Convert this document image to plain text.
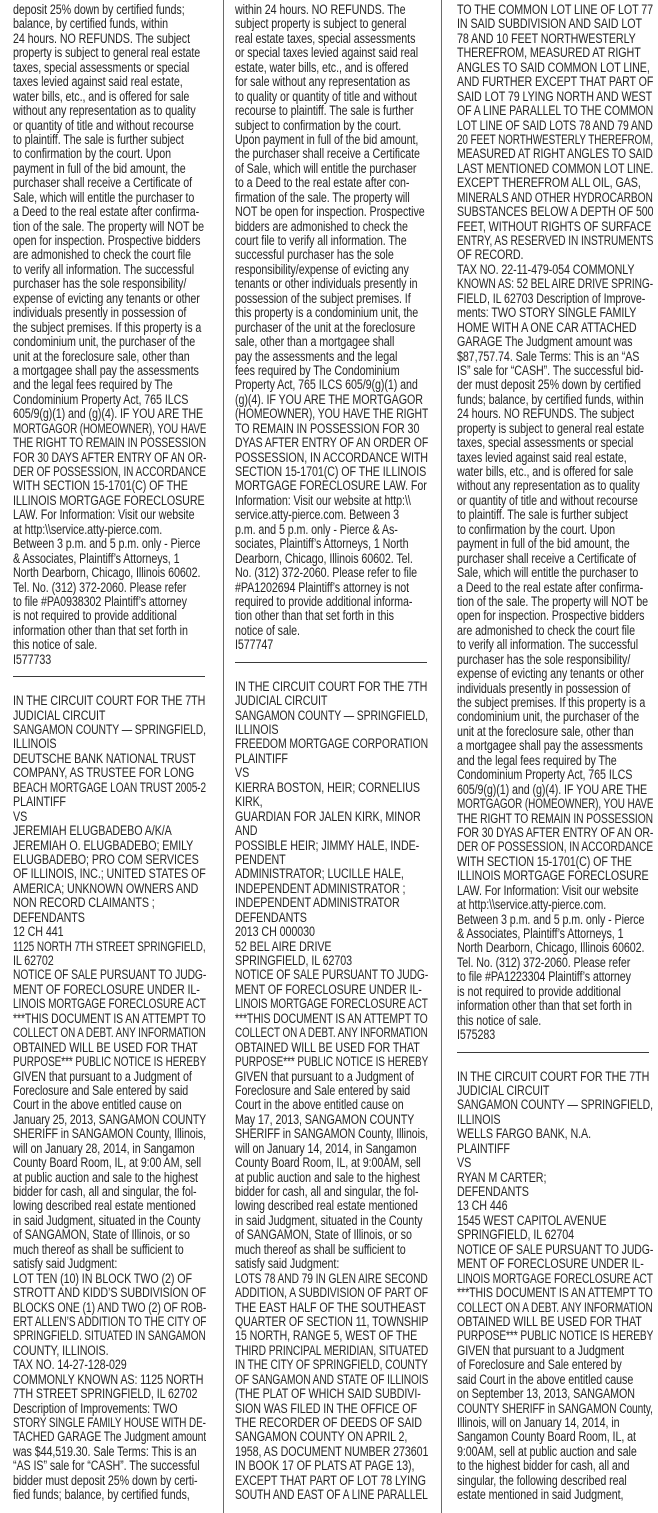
deposit 25% down by certified funds;
balance, by certified funds, within
24 hours. NO REFUNDS. The subject
property is subject to general real estate
taxes, special assessments or special
taxes levied against said real estate,
water bills, etc., and is offered for sale
without any representation as to quality
or quantity of title and without recourse
to plaintiff. The sale is further subject
to confirmation by the court. Upon
payment in full of the bid amount, the
purchaser shall receive a Certificate of
Sale, which will entitle the purchaser to
a Deed to the real estate after confirma-
tion of the sale. The property will NOT be
open for inspection. Prospective bidders
are admonished to check the court file
to verify all information. The successful
purchaser has the sole responsibility/
expense of evicting any tenants or other
individuals presently in possession of
the subject premises. If this property is a
condominium unit, the purchaser of the
unit at the foreclosure sale, other than
a mortgagee shall pay the assessments
and the legal fees required by The
Condominium Property Act, 765 ILCS
605/9(g)(1) and (g)(4). IF YOU ARE THE
MORTGAGOR (HOMEOWNER), YOU HAVE
THE RIGHT TO REMAIN IN POSSESSION
FOR 30 DAYS AFTER ENTRY OF AN OR-
DER OF POSSESSION, IN ACCORDANCE
WITH SECTION 15-1701(C) OF THE
ILLINOIS MORTGAGE FORECLOSURE
LAW. For Information: Visit our website
at http:\\service.atty-pierce.com.
Between 3 p.m. and 5 p.m. only - Pierce
& Associates, Plaintiff’s Attorneys, 1
North Dearborn, Chicago, Illinois 60602.
Tel. No. (312) 372-2060. Please refer
to file #PA0938302 Plaintiff’s attorney
is not required to provide additional
information other than that set forth in
this notice of sale.
I577733
IN THE CIRCUIT COURT FOR THE 7TH
JUDICIAL CIRCUIT
SANGAMON COUNTY — SPRINGFIELD,
ILLINOIS
DEUTSCHE BANK NATIONAL TRUST
COMPANY, AS TRUSTEE FOR LONG
BEACH MORTGAGE LOAN TRUST 2005-2
PLAINTIFF
VS
JEREMIAH ELUGBADEBO A/K/A
JEREMIAH O. ELUGBADEBO; EMILY
ELUGBADEBO; PRO COM SERVICES
OF ILLINOIS, INC.; UNITED STATES OF
AMERICA; UNKNOWN OWNERS AND
NON RECORD CLAIMANTS ;
DEFENDANTS
12 CH 441
1125 NORTH 7TH STREET SPRINGFIELD,
IL 62702
NOTICE OF SALE PURSUANT TO JUDG-
MENT OF FORECLOSURE UNDER IL-
LINOIS MORTGAGE FORECLOSURE ACT
***THIS DOCUMENT IS AN ATTEMPT TO
COLLECT ON A DEBT. ANY INFORMATION
OBTAINED WILL BE USED FOR THAT
PURPOSE*** PUBLIC NOTICE IS HEREBY
GIVEN that pursuant to a Judgment of
Foreclosure and Sale entered by said
Court in the above entitled cause on
January 25, 2013, SANGAMON COUNTY
SHERIFF in SANGAMON County, Illinois,
will on January 28, 2014, in Sangamon
County Board Room, IL, at 9:00 AM, sell
at public auction and sale to the highest
bidder for cash, all and singular, the fol-
lowing described real estate mentioned
in said Judgment, situated in the County
of SANGAMON, State of Illinois, or so
much thereof as shall be sufficient to
satisfy said Judgment:
LOT TEN (10) IN BLOCK TWO (2) OF
STROTT AND KIDD’S SUBDIVISION OF
BLOCKS ONE (1) AND TWO (2) OF ROB-
ERT ALLEN’S ADDITION TO THE CITY OF
SPRINGFIELD. SITUATED IN SANGAMON
COUNTY, ILLINOIS.
TAX NO. 14-27-128-029
COMMONLY KNOWN AS: 1125 NORTH
7TH STREET SPRINGFIELD, IL 62702
Description of Improvements: TWO
STORY SINGLE FAMILY HOUSE WITH DE-
TACHED GARAGE The Judgment amount
was $44,519.30. Sale Terms: This is an
“AS IS” sale for “CASH”. The successful
bidder must deposit 25% down by certi-
fied funds; balance, by certified funds,
within 24 hours. NO REFUNDS. The
subject property is subject to general
real estate taxes, special assessments
or special taxes levied against said real
estate, water bills, etc., and is offered
for sale without any representation as
to quality or quantity of title and without
recourse to plaintiff. The sale is further
subject to confirmation by the court.
Upon payment in full of the bid amount,
the purchaser shall receive a Certificate
of Sale, which will entitle the purchaser
to a Deed to the real estate after con-
firmation of the sale. The property will
NOT be open for inspection. Prospective
bidders are admonished to check the
court file to verify all information. The
successful purchaser has the sole
responsibility/expense of evicting any
tenants or other individuals presently in
possession of the subject premises. If
this property is a condominium unit, the
purchaser of the unit at the foreclosure
sale, other than a mortgagee shall
pay the assessments and the legal
fees required by The Condominium
Property Act, 765 ILCS 605/9(g)(1) and
(g)(4). IF YOU ARE THE MORTGAGOR
(HOMEOWNER), YOU HAVE THE RIGHT
TO REMAIN IN POSSESSION FOR 30
DYAS AFTER ENTRY OF AN ORDER OF
POSSESSION, IN ACCORDANCE WITH
SECTION 15-1701(C) OF THE ILLINOIS
MORTGAGE FORECLOSURE LAW. For
Information: Visit our website at http:\\
service.atty-pierce.com. Between 3
p.m. and 5 p.m. only - Pierce & As-
sociates, Plaintiff’s Attorneys, 1 North
Dearborn, Chicago, Illinois 60602. Tel.
No. (312) 372-2060. Please refer to file
#PA1202694 Plaintiff’s attorney is not
required to provide additional informa-
tion other than that set forth in this
notice of sale.
I577747
IN THE CIRCUIT COURT FOR THE 7TH
JUDICIAL CIRCUIT
SANGAMON COUNTY — SPRINGFIELD,
ILLINOIS
FREEDOM MORTGAGE CORPORATION
PLAINTIFF
VS
KIERRA BOSTON, HEIR; CORNELIUS
KIRK,
GUARDIAN FOR JALEN KIRK, MINOR
AND
POSSIBLE HEIR; JIMMY HALE, INDE-
PENDENT
ADMINISTRATOR; LUCILLE HALE,
INDEPENDENT ADMINISTRATOR ;
INDEPENDENT ADMINISTRATOR
DEFENDANTS
2013 CH 000030
52 BEL AIRE DRIVE
SPRINGFIELD, IL 62703
NOTICE OF SALE PURSUANT TO JUDG-
MENT OF FORECLOSURE UNDER IL-
LINOIS MORTGAGE FORECLOSURE ACT
***THIS DOCUMENT IS AN ATTEMPT TO
COLLECT ON A DEBT. ANY INFORMATION
OBTAINED WILL BE USED FOR THAT
PURPOSE*** PUBLIC NOTICE IS HEREBY
GIVEN that pursuant to a Judgment of
Foreclosure and Sale entered by said
Court in the above entitled cause on
May 17, 2013, SANGAMON COUNTY
SHERIFF in SANGAMON County, Illinois,
will on January 14, 2014, in Sangamon
County Board Room, IL, at 9:00AM, sell
at public auction and sale to the highest
bidder for cash, all and singular, the fol-
lowing described real estate mentioned
in said Judgment, situated in the County
of SANGAMON, State of Illinois, or so
much thereof as shall be sufficient to
satisfy said Judgment:
LOTS 78 AND 79 IN GLEN AIRE SECOND
ADDITION, A SUBDIVISION OF PART OF
THE EAST HALF OF THE SOUTHEAST
QUARTER OF SECTION 11, TOWNSHIP
15 NORTH, RANGE 5, WEST OF THE
THIRD PRINCIPAL MERIDIAN, SITUATED
IN THE CITY OF SPRINGFIELD, COUNTY
OF SANGAMON AND STATE OF ILLINOIS
(THE PLAT OF WHICH SAID SUBDIVI-
SION WAS FILED IN THE OFFICE OF
THE RECORDER OF DEEDS OF SAID
SANGAMON COUNTY ON APRIL 2,
1958, AS DOCUMENT NUMBER 273601
IN BOOK 17 OF PLATS AT PAGE 13),
EXCEPT THAT PART OF LOT 78 LYING
SOUTH AND EAST OF A LINE PARALLEL
TO THE COMMON LOT LINE OF LOT 77
IN SAID SUBDIVISION AND SAID LOT
78 AND 10 FEET NORTHWESTERLY
THEREFROM, MEASURED AT RIGHT
ANGLES TO SAID COMMON LOT LINE,
AND FURTHER EXCEPT THAT PART OF
SAID LOT 79 LYING NORTH AND WEST
OF A LINE PARALLEL TO THE COMMON
LOT LINE OF SAID LOTS 78 AND 79 AND
20 FEET NORTHWESTERLY THEREFROM,
MEASURED AT RIGHT ANGLES TO SAID
LAST MENTIONED COMMON LOT LINE.
EXCEPT THEREFROM ALL OIL, GAS,
MINERALS AND OTHER HYDROCARBON
SUBSTANCES BELOW A DEPTH OF 500
FEET, WITHOUT RIGHTS OF SURFACE
ENTRY, AS RESERVED IN INSTRUMENTS
OF RECORD.
TAX NO. 22-11-479-054 COMMONLY
KNOWN AS: 52 BEL AIRE DRIVE SPRING-
FIELD, IL 62703 Description of Improve-
ments: TWO STORY SINGLE FAMILY
HOME WITH A ONE CAR ATTACHED
GARAGE The Judgment amount was
$87,757.74. Sale Terms: This is an “AS
IS” sale for “CASH”. The successful bid-
der must deposit 25% down by certified
funds; balance, by certified funds, within
24 hours. NO REFUNDS. The subject
property is subject to general real estate
taxes, special assessments or special
taxes levied against said real estate,
water bills, etc., and is offered for sale
without any representation as to quality
or quantity of title and without recourse
to plaintiff. The sale is further subject
to confirmation by the court. Upon
payment in full of the bid amount, the
purchaser shall receive a Certificate of
Sale, which will entitle the purchaser to
a Deed to the real estate after confirma-
tion of the sale. The property will NOT be
open for inspection. Prospective bidders
are admonished to check the court file
to verify all information. The successful
purchaser has the sole responsibility/
expense of evicting any tenants or other
individuals presently in possession of
the subject premises. If this property is a
condominium unit, the purchaser of the
unit at the foreclosure sale, other than
a mortgagee shall pay the assessments
and the legal fees required by The
Condominium Property Act, 765 ILCS
605/9(g)(1) and (g)(4). IF YOU ARE THE
MORTGAGOR (HOMEOWNER), YOU HAVE
THE RIGHT TO REMAIN IN POSSESSION
FOR 30 DYAS AFTER ENTRY OF AN OR-
DER OF POSSESSION, IN ACCORDANCE
WITH SECTION 15-1701(C) OF THE
ILLINOIS MORTGAGE FORECLOSURE
LAW. For Information: Visit our website
at http:\\service.atty-pierce.com.
Between 3 p.m. and 5 p.m. only - Pierce
& Associates, Plaintiff’s Attorneys, 1
North Dearborn, Chicago, Illinois 60602.
Tel. No. (312) 372-2060. Please refer
to file #PA1223304 Plaintiff’s attorney
is not required to provide additional
information other than that set forth in
this notice of sale.
I575283
IN THE CIRCUIT COURT FOR THE 7TH
JUDICIAL CIRCUIT
SANGAMON COUNTY — SPRINGFIELD,
ILLINOIS
WELLS FARGO BANK, N.A.
PLAINTIFF
VS
RYAN M CARTER;
DEFENDANTS
13 CH 446
1545 WEST CAPITOL AVENUE
SPRINGFIELD, IL 62704
NOTICE OF SALE PURSUANT TO JUDG-
MENT OF FORECLOSURE UNDER IL-
LINOIS MORTGAGE FORECLOSURE ACT
***THIS DOCUMENT IS AN ATTEMPT TO
COLLECT ON A DEBT. ANY INFORMATION
OBTAINED WILL BE USED FOR THAT
PURPOSE*** PUBLIC NOTICE IS HEREBY
GIVEN that pursuant to a Judgment
of Foreclosure and Sale entered by
said Court in the above entitled cause
on September 13, 2013, SANGAMON
COUNTY SHERIFF in SANGAMON County,
Illinois, will on January 14, 2014, in
Sangamon County Board Room, IL, at
9:00AM, sell at public auction and sale
to the highest bidder for cash, all and
singular, the following described real
estate mentioned in said Judgment,
